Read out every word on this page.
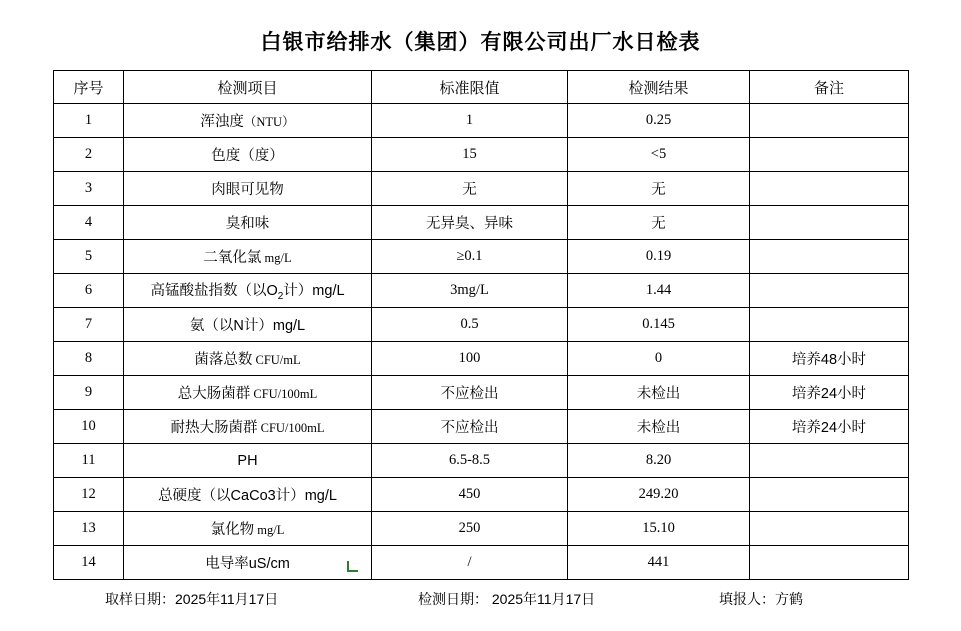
白银市给排水（集团）有限公司出厂水日检表
序号	检测项目	标准限值	检测结果	备注
1	浑浊度（NTU）	1	0.25	
2	色度（度）	15	<5	
3	肉眼可见物	无	无	
4	臭和味	无异臭、异味	无	
5	二氧化氯 mg/L	≥0.1	0.19	
6	高锰酸盐指数（以$O_2$计）mg/L	3mg/L	1.44	
7	氨（以N计）mg/L	0.5	0.145	
8	菌落总数 CFU/mL	100	0	培养48小时
9	总大肠菌群 CFU/100mL	不应检出	未检出	培养24小时
10	耐热大肠菌群 CFU/100mL	不应检出	未检出	培养24小时
11	PH	6.5-8.5	8.20	
12	总硬度（以CaCo3计）mg/L	450	249.20	
13	氯化物 mg/L	250	15.10	
14	电导率uS/cm	/	441	
取样日期：2025年11月17日	检测日期： 2025年11月17日	填报人：方鹤
